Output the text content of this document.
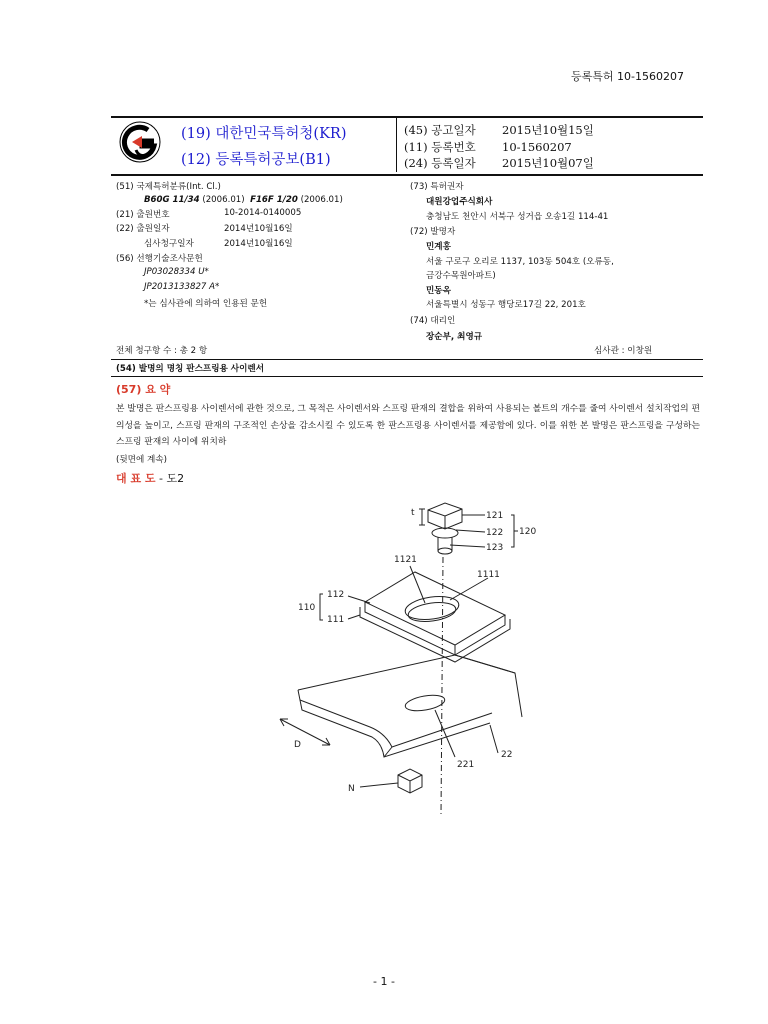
등록특허 10-1560207
(19) 대한민국특허청(KR)
(12) 등록특허공보(B1)
(45) 공고일자 2015년10월15일
(11) 등록번호 10-1560207
(24) 등록일자 2015년10월07일
(51) 국제특허분류(Int. Cl.)
B60G 11/34 (2006.01) F16F 1/20 (2006.01)
(21) 출원번호	10-2014-0140005
(22) 출원일자	2014년10월16일
심사청구일자	2014년10월16일
(56) 선행기술조사문헌
JP03028334 U*
JP2013133827 A*
*는 심사관에 의하여 인용된 문헌
(73) 특허권자
대원강업주식회사
충청남도 천안시 서북구 성거읍 오송1길 114-41
(72) 발명자
민계홍
서울 구로구 오리로 1137, 103동 504호 (오류동,
금강수목원아파트)
민동옥
서울특별시 성동구 행당로17길 22, 201호
(74) 대리인
장순부, 최영규
전체 청구항 수 : 총 2 항	심사관 : 이창원
(54) 발명의 명칭 판스프링용 사이렌서
(57) 요 약
본 발명은 판스프링용 사이렌서에 관한 것으로, 그 목적은 사이렌서와 스프링 판재의 결합을 위하여 사용되는 볼트의 개수를 줄여 사이렌서 설치작업의 편의성을 높이고, 스프링 판재의 구조적인 손상을 감소시킬 수 있도록 한 판스프링용 사이렌서를 제공함에 있다. 이를 위한 본 발명은 판스프링을 구성하는 스프링 판재의 사이에 위치하
(뒷면에 계속)
대 표 도 - 도2
t	121
122
123
120
1121
1111
112
110
111
D
221
22
N
- 1 -
